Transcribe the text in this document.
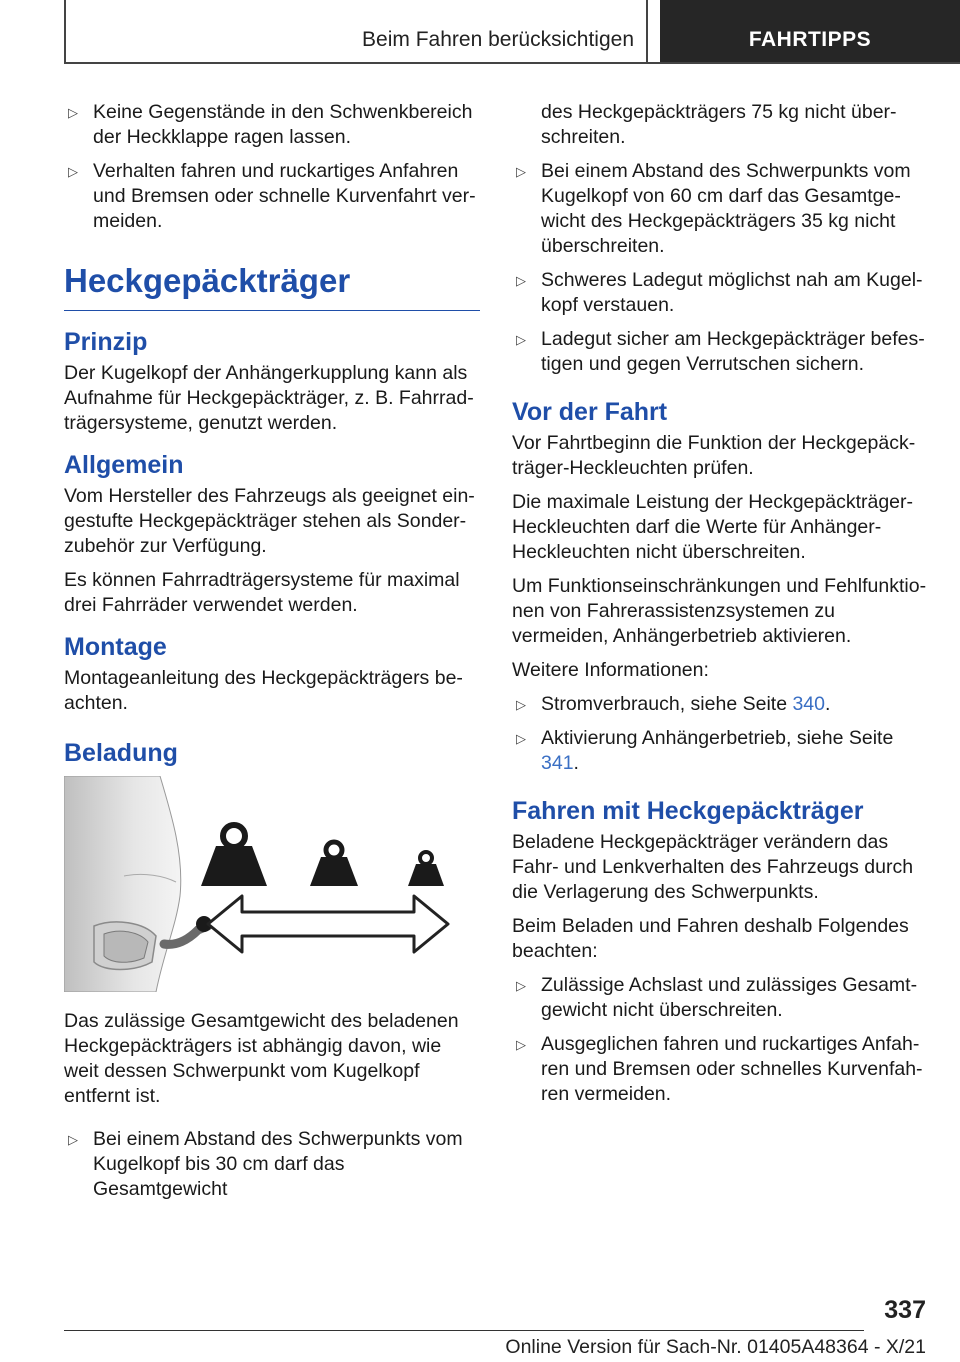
Beim Fahren berücksichtigen	FAHRTIPPS
▷ Keine Gegenstände in den Schwenkbereich der Heckklappe ragen lassen.
▷ Verhalten fahren und ruckartiges Anfahren und Bremsen oder schnelle Kurvenfahrt ver‐meiden.
Heckgepäckträger
Prinzip

Der Kugelkopf der Anhängerkupplung kann als Aufnahme für Heckgepäckträger, z. B. Fahrrad‐trägersysteme, genutzt werden.

Allgemein

Vom Hersteller des Fahrzeugs als geeignet ein‐gestufte Heckgepäckträger stehen als Sonder‐zubehör zur Verfügung.

Es können Fahrradträgersysteme für maximal drei Fahrräder verwendet werden.

Montage

Montageanleitung des Heckgepäckträgers be‐achten.

Beladung

Das zulässige Gesamtgewicht des beladenen Heckgepäckträgers ist abhängig davon, wie weit dessen Schwerpunkt vom Kugelkopf entfernt ist.

▷ Bei einem Abstand des Schwerpunkts vom Kugelkopf bis 30 cm darf das Gesamtgewicht

des Heckgepäckträgers 75 kg nicht über‐schreiten.

▷ Bei einem Abstand des Schwerpunkts vom Kugelkopf von 60 cm darf das Gesamtge‐wicht des Heckgepäckträgers 35 kg nicht überschreiten.
▷ Schweres Ladegut möglichst nah am Kugel‐kopf verstauen.
▷ Ladegut sicher am Heckgepäckträger befes‐tigen und gegen Verrutschen sichern.
Vor der Fahrt

Vor Fahrtbeginn die Funktion der Heckgepäck‐träger-Heckleuchten prüfen.

Die maximale Leistung der Heckgepäckträger-Heckleuchten darf die Werte für Anhänger-Heckleuchten nicht überschreiten.

Um Funktionseinschränkungen und Fehlfunktio‐nen von Fahrerassistenzsystemen zu vermeiden, Anhängerbetrieb aktivieren.

Weitere Informationen:

▷ Stromverbrauch, siehe Seite 340.
▷ Aktivierung Anhängerbetrieb, siehe Seite 341.
Fahren mit Heckgepäckträger

Beladene Heckgepäckträger verändern das Fahr- und Lenkverhalten des Fahrzeugs durch die Verlagerung des Schwerpunkts.

Beim Beladen und Fahren deshalb Folgendes beachten:

▷ Zulässige Achslast und zulässiges Gesamt‐gewicht nicht überschreiten.
▷ Ausgeglichen fahren und ruckartiges Anfah‐ren und Bremsen oder schnelles Kurvenfah‐ren vermeiden.
337
Online Version für Sach-Nr. 01405A48364 - X/21
